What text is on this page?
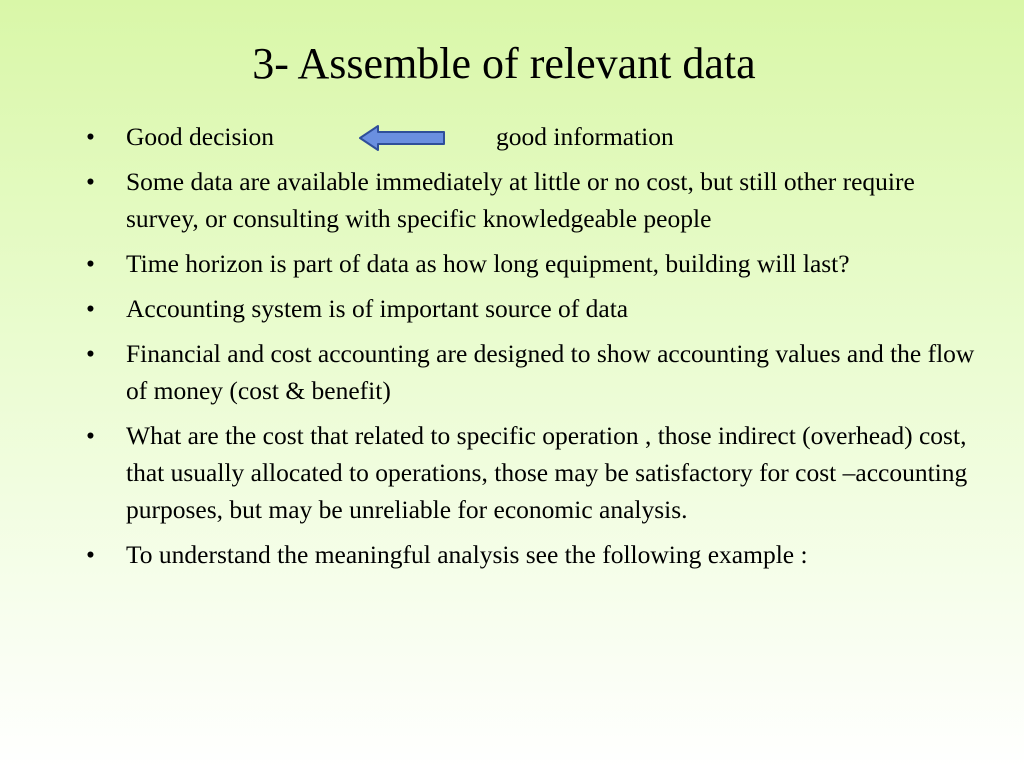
3- Assemble of relevant data
• Good decision	good information
• Some data are available immediately at little or no cost, but still other require survey, or consulting with specific knowledgeable people
• Time horizon is part of data as how long equipment, building will last?
• Accounting system is of important source of data
• Financial and cost accounting are designed to show accounting values and the flow of money (cost & benefit)
• What are the cost that related to specific operation , those indirect (overhead) cost, that usually allocated to operations, those may be satisfactory for cost –accounting purposes, but may be unreliable for economic analysis.
• To understand the meaningful analysis see the following example :
